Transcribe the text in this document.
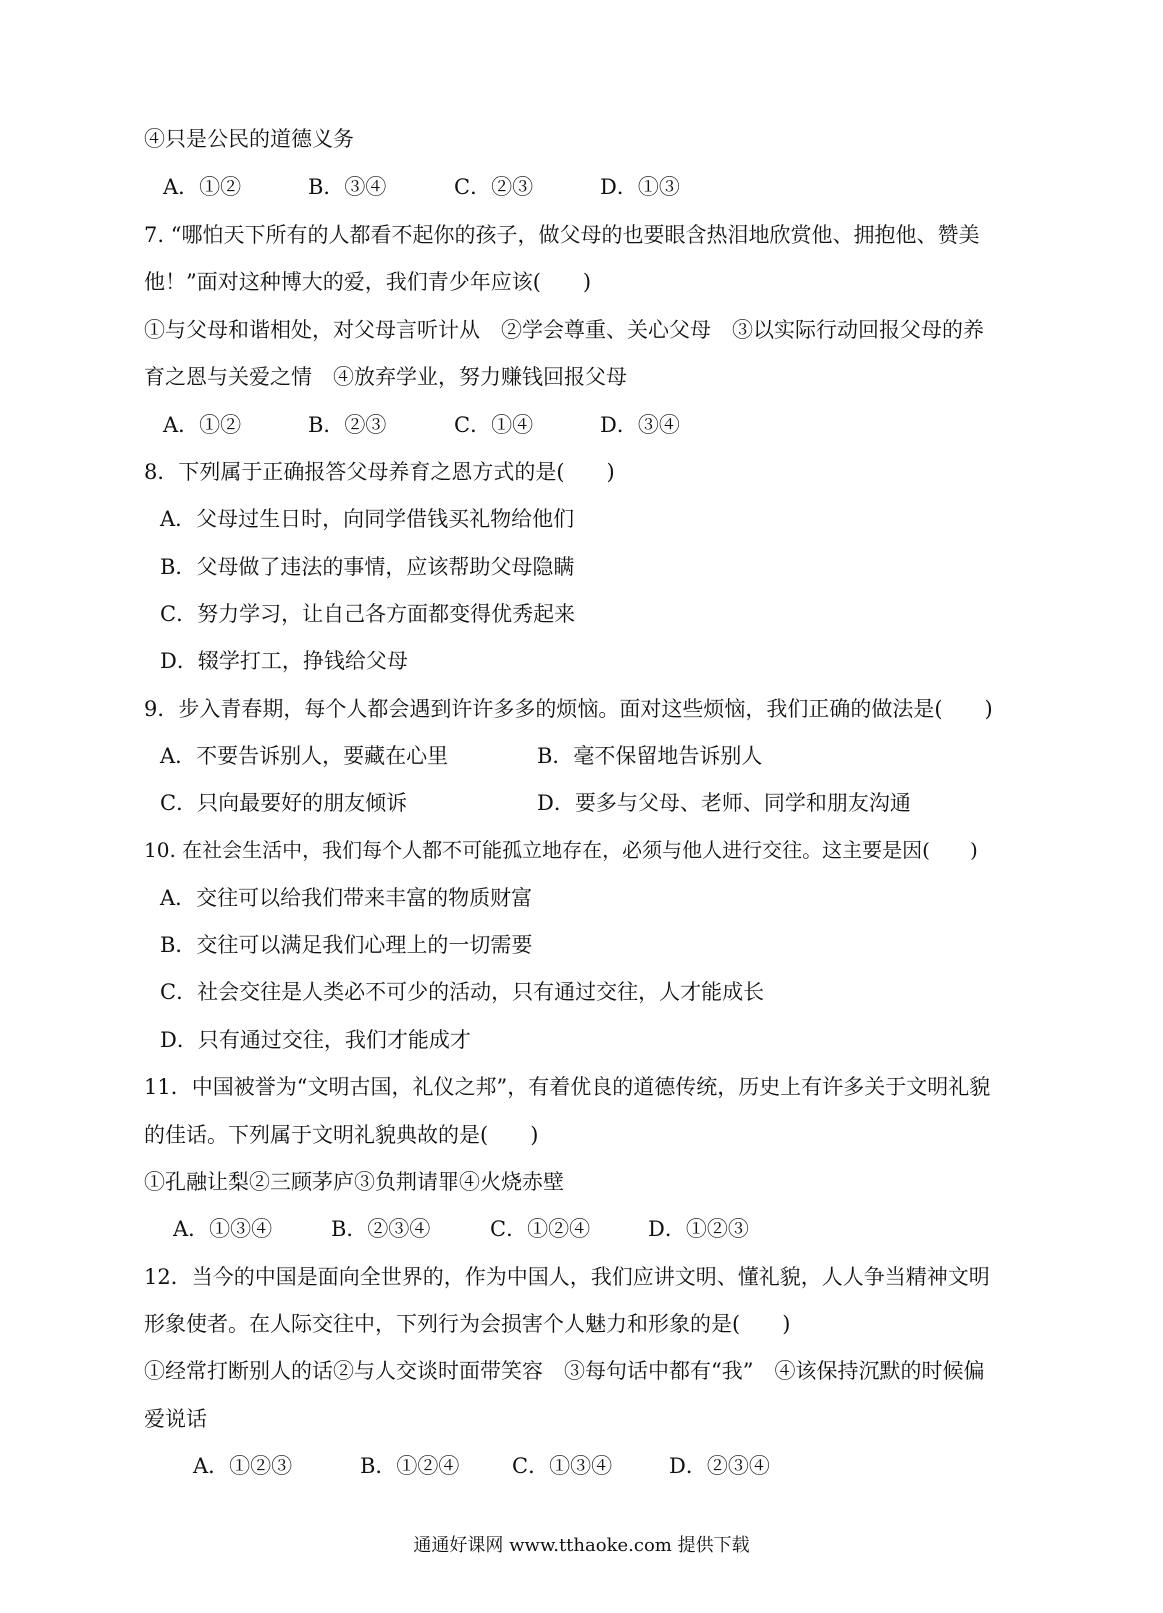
④只是公民的道德义务
A．①②	B．③④	C．②③	D．①③
7. “哪怕天下所有的人都看不起你的孩子，做父母的也要眼含热泪地欣赏他、拥抱他、赞美
他！”面对这种博大的爱，我们青少年应该(　　)
①与父母和谐相处，对父母言听计从　②学会尊重、关心父母　③以实际行动回报父母的养
育之恩与关爱之情　④放弃学业，努力赚钱回报父母
A．①②	B．②③	C．①④	D．③④
8．下列属于正确报答父母养育之恩方式的是(　　)
A．父母过生日时，向同学借钱买礼物给他们
B．父母做了违法的事情，应该帮助父母隐瞒
C．努力学习，让自己各方面都变得优秀起来
D．辍学打工，挣钱给父母
9．步入青春期，每个人都会遇到许许多多的烦恼。面对这些烦恼，我们正确的做法是(　　)
A．不要告诉别人，要藏在心里	B．毫不保留地告诉别人
C．只向最要好的朋友倾诉	D．要多与父母、老师、同学和朋友沟通
10. 在社会生活中，我们每个人都不可能孤立地存在，必须与他人进行交往。这主要是因(　　)
A．交往可以给我们带来丰富的物质财富
B．交往可以满足我们心理上的一切需要
C．社会交往是人类必不可少的活动，只有通过交往，人才能成长
D．只有通过交往，我们才能成才
11．中国被誉为“文明古国，礼仪之邦”，有着优良的道德传统，历史上有许多关于文明礼貌
的佳话。下列属于文明礼貌典故的是(　　)
①孔融让梨②三顾茅庐③负荆请罪④火烧赤壁
A．①③④	B．②③④	C．①②④	D．①②③
12．当今的中国是面向全世界的，作为中国人，我们应讲文明、懂礼貌，人人争当精神文明
形象使者。在人际交往中，下列行为会损害个人魅力和形象的是(　　)
①经常打断别人的话②与人交谈时面带笑容　③每句话中都有“我”　④该保持沉默的时候偏
爱说话
A．①②③	B．①②④	C．①③④	D．②③④
通通好课网 www.tthaoke.com 提供下载
